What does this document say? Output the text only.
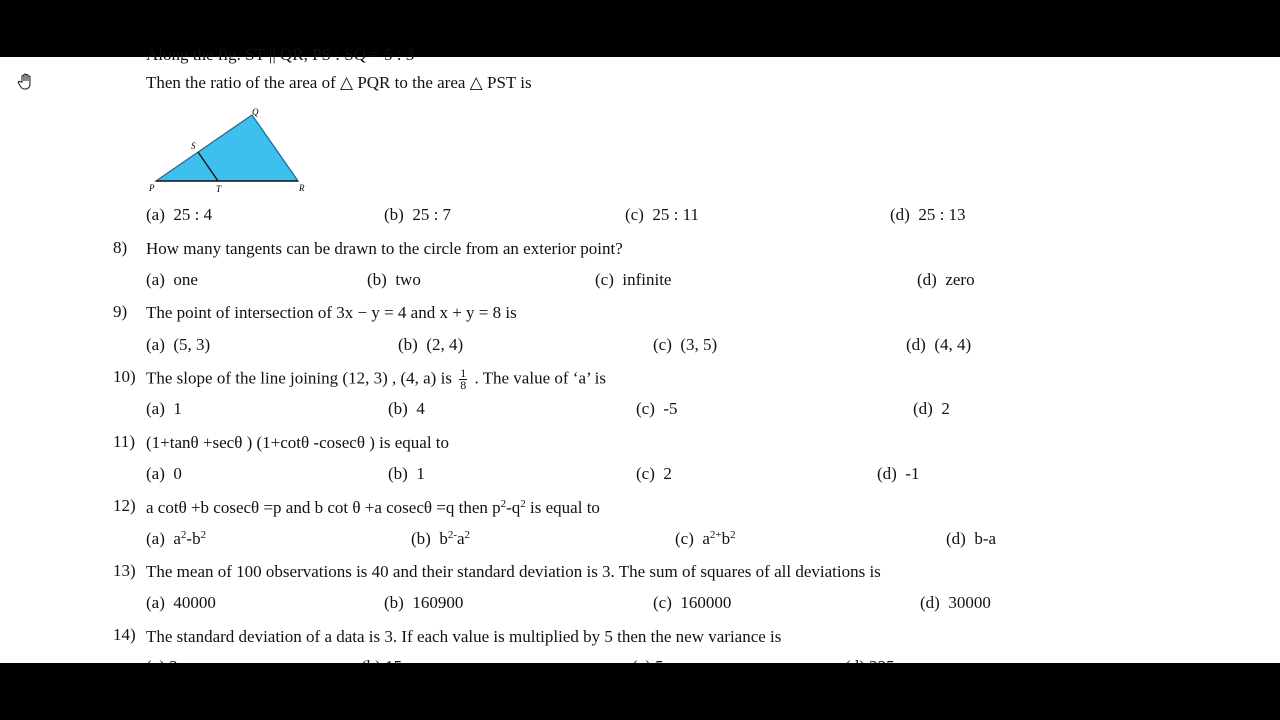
Along the fig. ST || QR, PS : SQ = 5 : 3
Then the ratio of the area of △ PQR to the area △ PST is
P
Q
R
S
T
(a) 25 : 4	(b) 25 : 7	(c) 25 : 11	(d) 25 : 13
8) How many tangents can be drawn to the circle from an exterior point?
(a) one	(b) two	(c) infinite	(d) zero
9) The point of intersection of 3x − y = 4 and x + y = 8 is
(a) (5, 3)	(b) (2, 4)	(c) (3, 5)	(d) (4, 4)
10) The slope of the line joining (12, 3) , (4, a) is $\frac{1}{8}$ . The value of ‘a’ is
(a) 1	(b) 4	(c) -5	(d) 2
11) (1+tanθ +secθ ) (1+cotθ -cosecθ ) is equal to
(a) 0	(b) 1	(c) 2	(d) -1
12) a cotθ +b cosecθ =p and b cot θ +a cosecθ =q then $p^2-q^2$ is equal to
(a) $a^2-b^2$	(b) $b^{2-}a^2$	(c) $a^{2+}b^2$	(d) b-a
13) The mean of 100 observations is 40 and their standard deviation is 3. The sum of squares of all deviations is
(a) 40000	(b) 160900	(c) 160000	(d) 30000
14) The standard deviation of a data is 3. If each value is multiplied by 5 then the new variance is
